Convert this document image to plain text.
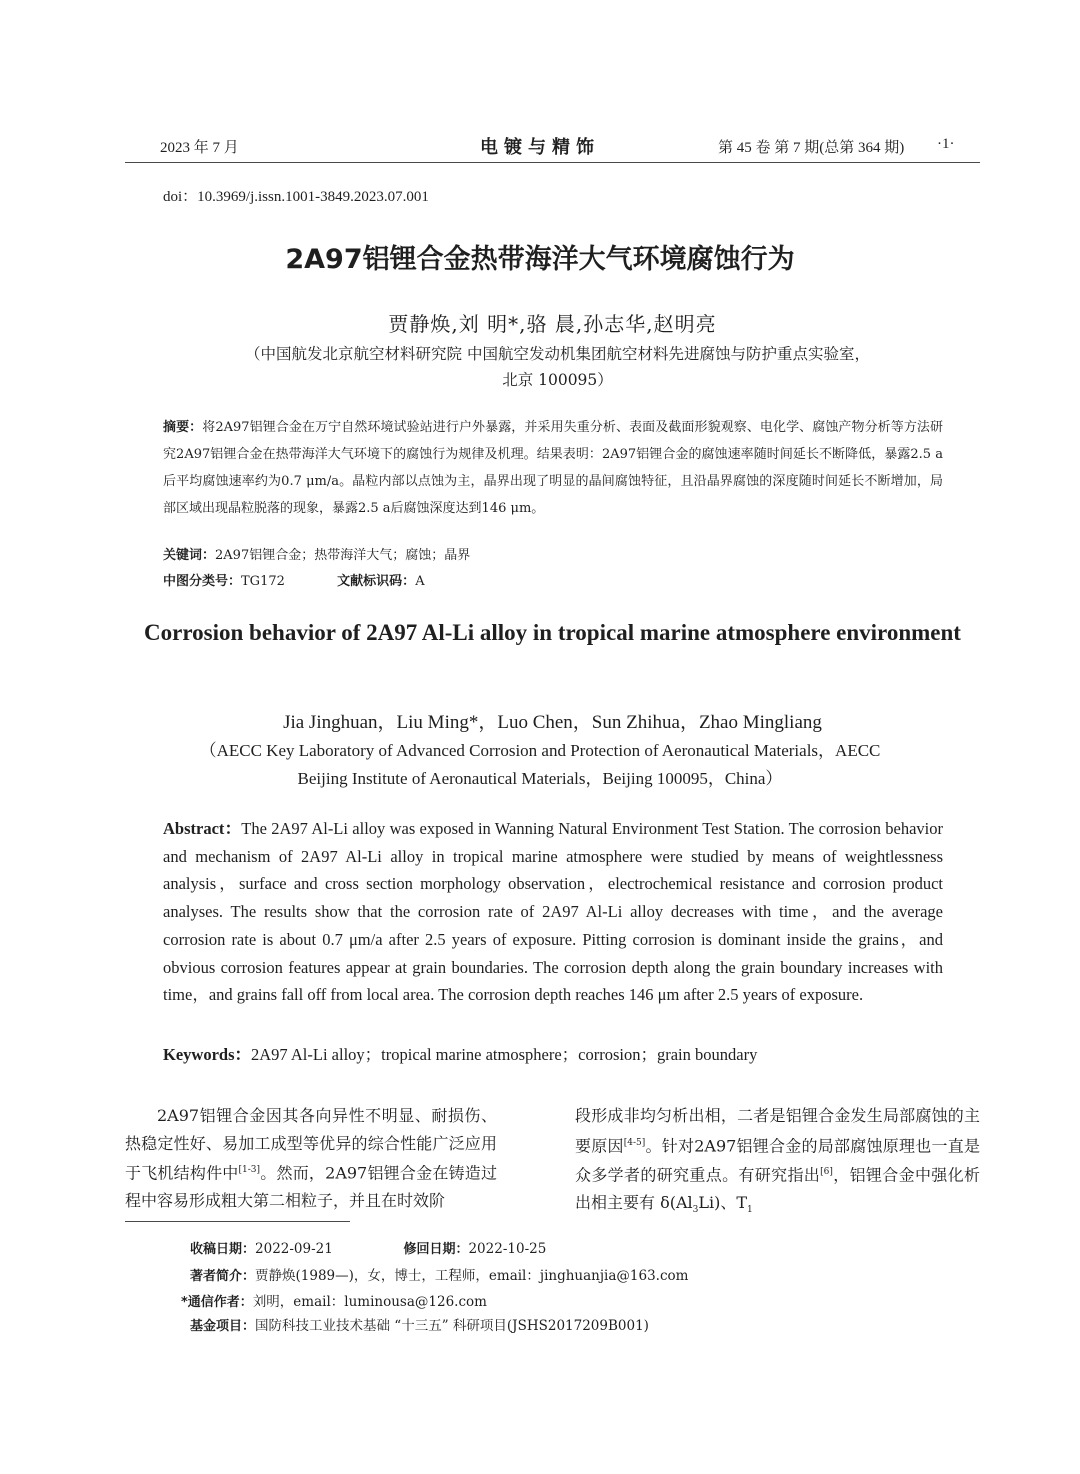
2023 年 7 月	电镀与精饰	第 45 卷 第 7 期(总第 364 期) ·1·
doi：10.3969/j.issn.1001-3849.2023.07.001
2A97铝锂合金热带海洋大气环境腐蚀行为
贾静焕,刘 明*,骆 晨,孙志华,赵明亮
（中国航发北京航空材料研究院 中国航空发动机集团航空材料先进腐蚀与防护重点实验室，
北京 100095）
摘要：将2A97铝锂合金在万宁自然环境试验站进行户外暴露，并采用失重分析、表面及截面形貌观察、电化学、腐蚀产物分析等方法研究2A97铝锂合金在热带海洋大气环境下的腐蚀行为规律及机理。结果表明：2A97铝锂合金的腐蚀速率随时间延长不断降低，暴露2.5 a后平均腐蚀速率约为0.7 μm/a。晶粒内部以点蚀为主，晶界出现了明显的晶间腐蚀特征，且沿晶界腐蚀的深度随时间延长不断增加，局部区域出现晶粒脱落的现象，暴露2.5 a后腐蚀深度达到146 μm。
关键词：2A97铝锂合金；热带海洋大气；腐蚀；晶界
中图分类号：TG172	文献标识码：A
Corrosion behavior of 2A97 Al-Li alloy in tropical marine atmosphere environment
Jia Jinghuan，Liu Ming*，Luo Chen，Sun Zhihua，Zhao Mingliang
（AECC Key Laboratory of Advanced Corrosion and Protection of Aeronautical Materials，AECC
Beijing Institute of Aeronautical Materials，Beijing 100095，China）
Abstract：The 2A97 Al-Li alloy was exposed in Wanning Natural Environment Test Station. The corrosion behavior and mechanism of 2A97 Al-Li alloy in tropical marine atmosphere were studied by means of weightlessness analysis，surface and cross section morphology observation，electrochemical resistance and corrosion product analyses. The results show that the corrosion rate of 2A97 Al-Li alloy decreases with time，and the average corrosion rate is about 0.7 μm/a after 2.5 years of exposure. Pitting corrosion is dominant inside the grains，and obvious corrosion features appear at grain boundaries. The corrosion depth along the grain boundary increases with time，and grains fall off from local area. The corrosion depth reaches 146 μm after 2.5 years of exposure.
Keywords：2A97 Al-Li alloy；tropical marine atmosphere；corrosion；grain boundary
2A97铝锂合金因其各向异性不明显、耐损伤、热稳定性好、易加工成型等优异的综合性能广泛应用于飞机结构件中[1-3]。然而，2A97铝锂合金在铸造过程中容易形成粗大第二相粒子，并且在时效阶
段形成非均匀析出相，二者是铝锂合金发生局部腐蚀的主要原因[4-5]。针对2A97铝锂合金的局部腐蚀原理也一直是众多学者的研究重点。有研究指出[6]，铝锂合金中强化析出相主要有 $\delta(Al_3Li)$、$T_1$
收稿日期：2022-09-21	修回日期：2022-10-25
著者简介：贾静焕(1989—)，女，博士，工程师，email：jinghuanjia@163.com
*通信作者：刘明，email：luminousa@126.com
基金项目：国防科技工业技术基础 “十三五” 科研项目(JSHS2017209B001)
